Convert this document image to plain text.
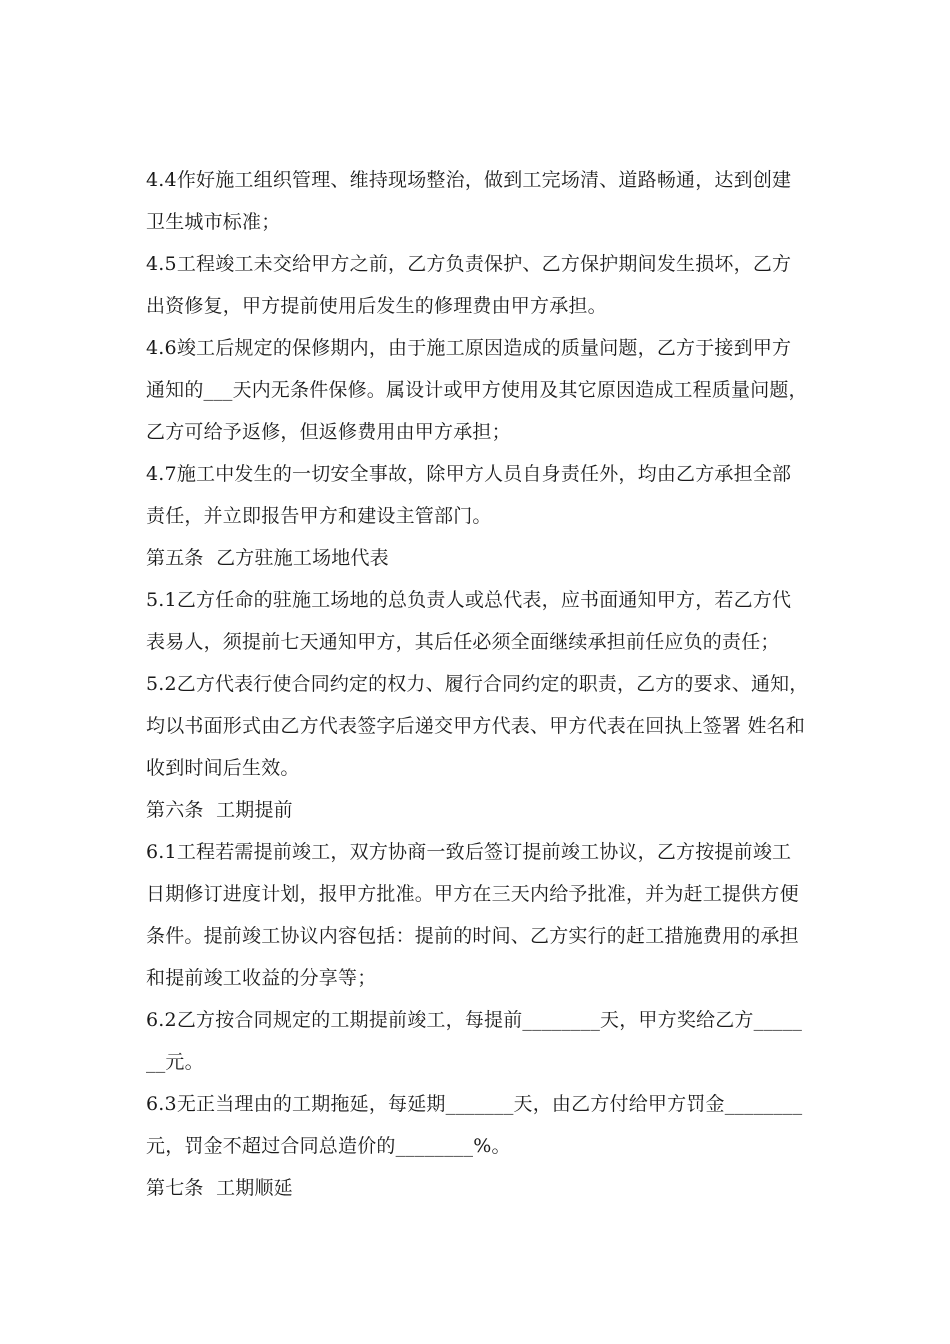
4.4作好施工组织管理、维持现场整治，做到工完场清、道路畅通，达到创建
卫生城市标准；
4.5工程竣工未交给甲方之前，乙方负责保护、乙方保护期间发生损坏，乙方
出资修复，甲方提前使用后发生的修理费由甲方承担。
4.6竣工后规定的保修期内，由于施工原因造成的质量问题，乙方于接到甲方
通知的___天内无条件保修。属设计或甲方使用及其它原因造成工程质量问题，
乙方可给予返修，但返修费用由甲方承担；
4.7施工中发生的一切安全事故，除甲方人员自身责任外，均由乙方承担全部
责任，并立即报告甲方和建设主管部门。
第五条  乙方驻施工场地代表
5.1乙方任命的驻施工场地的总负责人或总代表，应书面通知甲方，若乙方代
表易人，须提前七天通知甲方，其后任必须全面继续承担前任应负的责任；
5.2乙方代表行使合同约定的权力、履行合同约定的职责，乙方的要求、通知，
均以书面形式由乙方代表签字后递交甲方代表、甲方代表在回执上签署 姓名和
收到时间后生效。
第六条  工期提前
6.1工程若需提前竣工，双方协商一致后签订提前竣工协议，乙方按提前竣工
日期修订进度计划，报甲方批准。甲方在三天内给予批准，并为赶工提供方便
条件。提前竣工协议内容包括：提前的时间、乙方实行的赶工措施费用的承担
和提前竣工收益的分享等；
6.2乙方按合同规定的工期提前竣工，每提前________天，甲方奖给乙方_____
__元。
6.3无正当理由的工期拖延，每延期_______天，由乙方付给甲方罚金________
元，罚金不超过合同总造价的________%。
第七条  工期顺延
